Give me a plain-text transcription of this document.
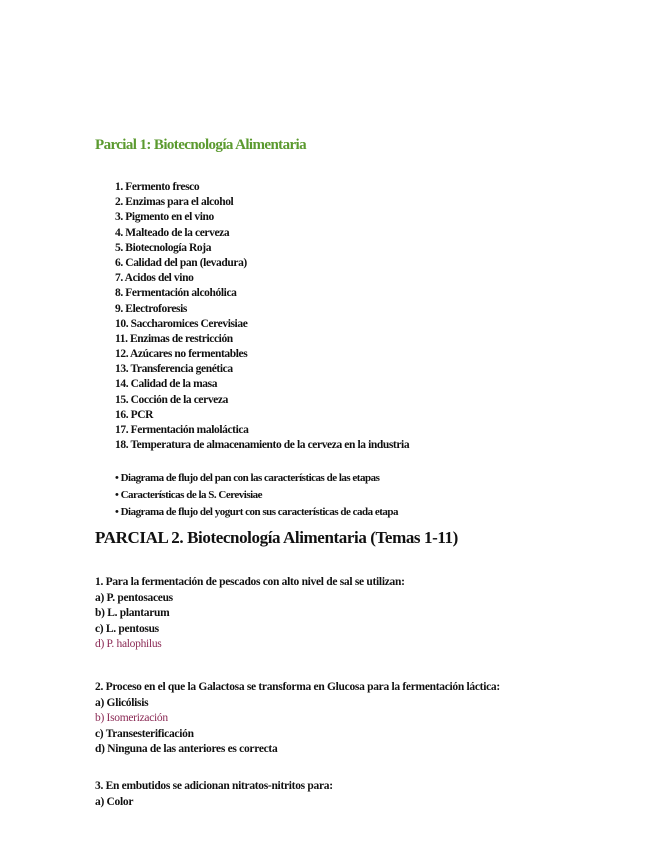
Parcial 1: Biotecnología Alimentaria
1. Fermento fresco
2. Enzimas para el alcohol
3. Pigmento en el vino
4. Malteado de la cerveza
5. Biotecnología Roja
6. Calidad del pan (levadura)
7. Acidos del vino
8. Fermentación alcohólica
9. Electroforesis
10. Saccharomices Cerevisiae
11. Enzimas de restricción
12. Azúcares no fermentables
13. Transferencia genética
14. Calidad de la masa
15. Cocción de la cerveza
16. PCR
17. Fermentación maloláctica
18. Temperatura de almacenamiento de la cerveza en la industria
• Diagrama de flujo del pan con las características de las etapas
• Características de la S. Cerevisiae
• Diagrama de flujo del yogurt con sus características de cada etapa
PARCIAL 2. Biotecnología Alimentaria (Temas 1-11)
1. Para la fermentación de pescados con alto nivel de sal se utilizan:
a) P. pentosaceus
b) L. plantarum
c) L. pentosus
d) P. halophilus
2. Proceso en el que la Galactosa se transforma en Glucosa para la fermentación láctica:
a) Glicólisis
b) Isomerización
c) Transesterificación
d) Ninguna de las anteriores es correcta
3. En embutidos se adicionan nitratos-nitritos para:
a) Color
